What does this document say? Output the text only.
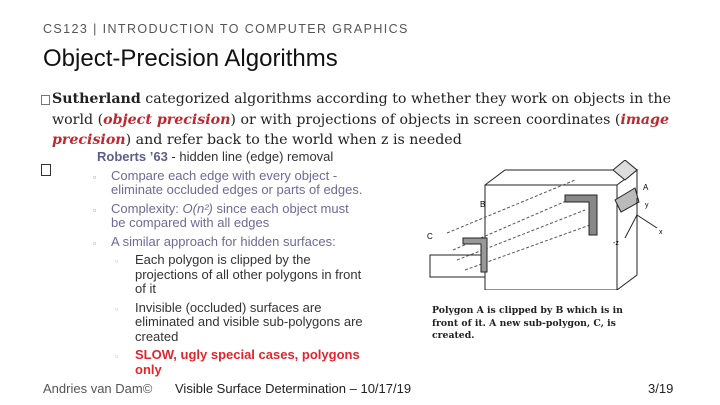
CS123 | INTRODUCTION TO COMPUTER GRAPHICS
Object-Precision Algorithms
Sutherland categorized algorithms according to whether they work on objects in the world (object precision) or with projections of objects in screen coordinates (image precision) and refer back to the world when z is needed
Roberts ’63 - hidden line (edge) removal
▫ Compare each edge with every object - eliminate occluded edges or parts of edges.
▫ Complexity: O(n²) since each object must be compared with all edges
▫ A similar approach for hidden surfaces:
▫ Each polygon is clipped by the projections of all other polygons in front of it
▫ Invisible (occluded) surfaces are eliminated and visible sub-polygons are created
▫ SLOW, ugly special cases, polygons only
A
B
C
y
x
-z
Polygon A is clipped by B which is in front of it. A new sub-polygon, C, is created.
Andries van Dam© Visible Surface Determination – 10/17/19	3/19
